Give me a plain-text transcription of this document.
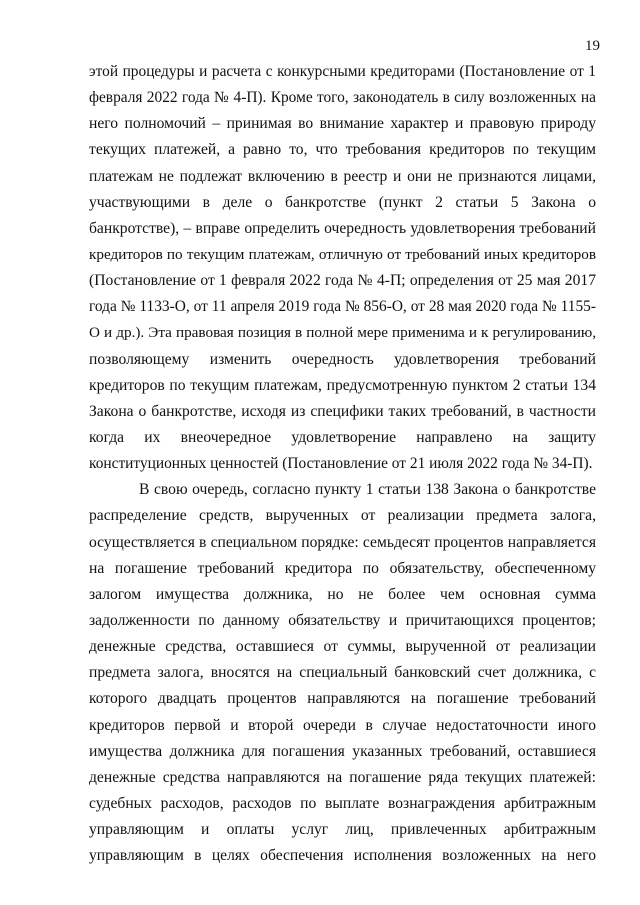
19
этой процедуры и расчета с конкурсными кредиторами (Постановление от 1
февраля 2022 года № 4-П). Кроме того, законодатель в силу возложенных на
него полномочий – принимая во внимание характер и правовую природу
текущих платежей, а равно то, что требования кредиторов по текущим
платежам не подлежат включению в реестр и они не признаются лицами,
участвующими в деле о банкротстве (пункт 2 статьи 5 Закона о
банкротстве), – вправе определить очередность удовлетворения требований
кредиторов по текущим платежам, отличную от требований иных кредиторов
(Постановление от 1 февраля 2022 года № 4-П; определения от 25 мая 2017
года № 1133-О, от 11 апреля 2019 года № 856-О, от 28 мая 2020 года № 1155-
О и др.). Эта правовая позиция в полной мере применима и к регулированию,
позволяющему изменить очередность удовлетворения требований
кредиторов по текущим платежам, предусмотренную пунктом 2 статьи 134
Закона о банкротстве, исходя из специфики таких требований, в частности
когда их внеочередное удовлетворение направлено на защиту
конституционных ценностей (Постановление от 21 июля 2022 года № 34-П).
В свою очередь, согласно пункту 1 статьи 138 Закона о банкротстве
распределение средств, вырученных от реализации предмета залога,
осуществляется в специальном порядке: семьдесят процентов направляется
на погашение требований кредитора по обязательству, обеспеченному
залогом имущества должника, но не более чем основная сумма
задолженности по данному обязательству и причитающихся процентов;
денежные средства, оставшиеся от суммы, вырученной от реализации
предмета залога, вносятся на специальный банковский счет должника, с
которого двадцать процентов направляются на погашение требований
кредиторов первой и второй очереди в случае недостаточности иного
имущества должника для погашения указанных требований, оставшиеся
денежные средства направляются на погашение ряда текущих платежей:
судебных расходов, расходов по выплате вознаграждения арбитражным
управляющим и оплаты услуг лиц, привлеченных арбитражным
управляющим в целях обеспечения исполнения возложенных на него
